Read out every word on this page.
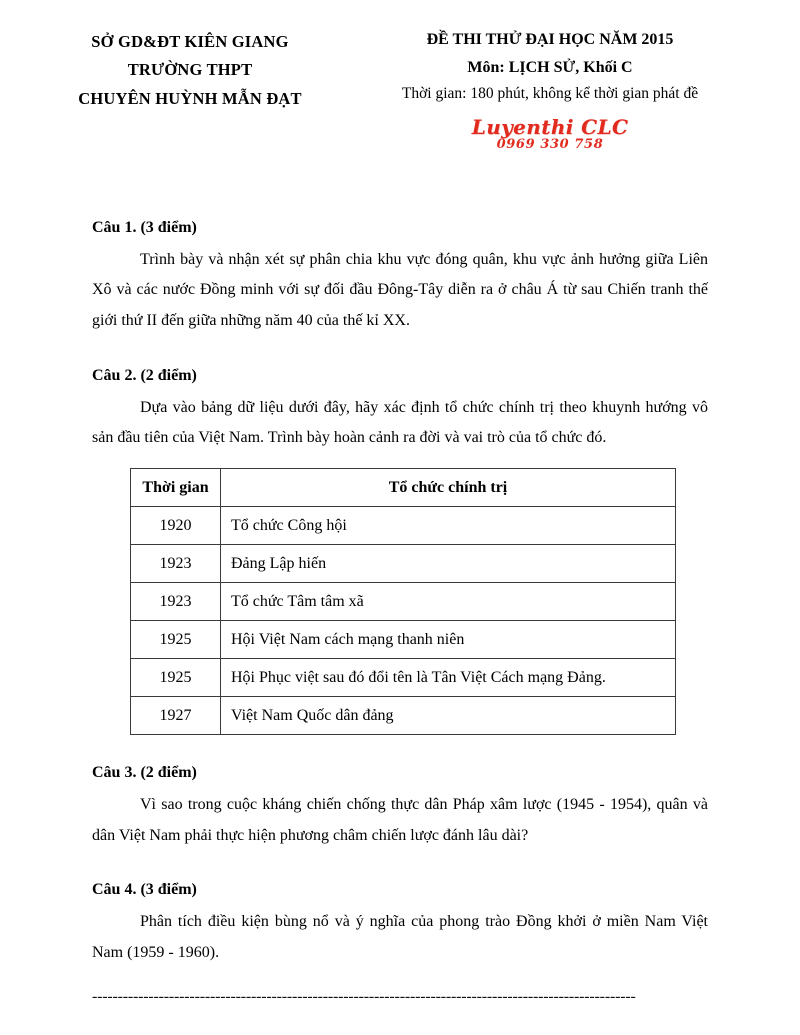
SỞ GD&ĐT KIÊN GIANG
TRƯỜNG THPT
CHUYÊN HUỲNH MẪN ĐẠT
ĐỀ THI THỬ ĐẠI HỌC NĂM 2015
Môn: LỊCH SỬ, Khối C
Thời gian: 180 phút, không kể thời gian phát đề
Luyenthi CLC
0969 330 758

Câu 1. (3 điểm)

Trình bày và nhận xét sự phân chia khu vực đóng quân, khu vực ảnh hưởng giữa Liên Xô và các nước Đồng minh với sự đối đầu Đông-Tây diễn ra ở châu Á từ sau Chiến tranh thế giới thứ II đến giữa những năm 40 của thế kỉ XX.

Câu 2. (2 điểm)

Dựa vào bảng dữ liệu dưới đây, hãy xác định tổ chức chính trị theo khuynh hướng vô sản đầu tiên của Việt Nam. Trình bày hoàn cảnh ra đời và vai trò của tổ chức đó.

Thời gian	Tổ chức chính trị
1920	Tổ chức Công hội
1923	Đảng Lập hiến
1923	Tổ chức Tâm tâm xã
1925	Hội Việt Nam cách mạng thanh niên
1925	Hội Phục việt sau đó đổi tên là Tân Việt Cách mạng Đảng.
1927	Việt Nam Quốc dân đảng

Câu 3. (2 điểm)

Vì sao trong cuộc kháng chiến chống thực dân Pháp xâm lược (1945 - 1954), quân và dân Việt Nam phải thực hiện phương châm chiến lược đánh lâu dài?

Câu 4. (3 điểm)

Phân tích điều kiện bùng nổ và ý nghĩa của phong trào Đồng khởi ở miền Nam Việt Nam (1959 - 1960).

----------------------------------------------------------------------------------------------------------
